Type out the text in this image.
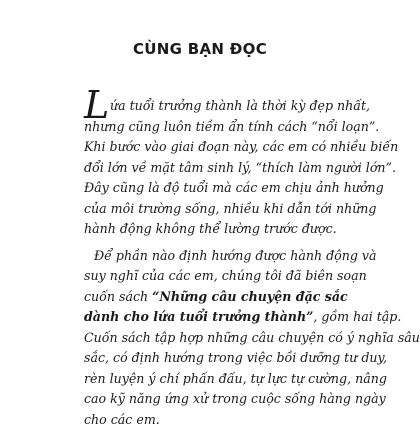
CÙNG BẠN ĐỌC
L ứa tuổi trưởng thành là thời kỳ đẹp nhất,
nhưng cũng luôn tiềm ẩn tính cách “nổi loạn”.
Khi bước vào giai đoạn này, các em có nhiều biến
đổi lớn về mặt tâm sinh lý, “thích làm người lớn”.
Đây cũng là độ tuổi mà các em chịu ảnh hưởng
của môi trường sống, nhiều khi dẫn tới những
hành động không thể lường trước được.
Để phần nào định hướng được hành động và
suy nghĩ của các em, chúng tôi đã biên soạn
cuốn sách “Những câu chuyện đặc sắc
dành cho lứa tuổi trưởng thành”, gồm hai tập.
Cuốn sách tập hợp những câu chuyện có ý nghĩa sâu
sắc, có định hướng trong việc bồi dưỡng tư duy,
rèn luyện ý chí phấn đấu, tự lực tự cường, nâng
cao kỹ năng ứng xử trong cuộc sống hàng ngày
cho các em.
